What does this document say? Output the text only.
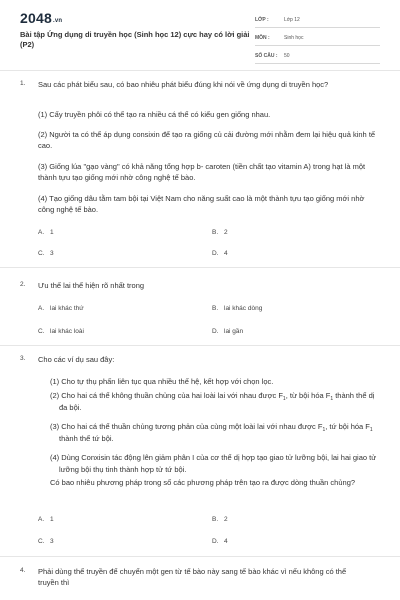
2048.vn
Bài tập Ứng dụng di truyền học (Sinh học 12) cực hay có lời giải (P2)
LỚP :	Lớp 12
MÔN :	Sinh học
SỐ CÂU : 50
1. Sau các phát biểu sau, có bao nhiêu phát biểu đúng khi nói về ứng dụng di truyền học?
(1) Cấy truyền phôi có thể tạo ra nhiều cá thể có kiểu gen giống nhau.
(2) Người ta có thể áp dụng consixin để tạo ra giống củ cải đường mới nhằm đem lại hiệu quả kinh tế cao.
(3) Giống lúa "gạo vàng" có khả năng tổng hợp b- caroten (tiền chất tạo vitamin A) trong hạt là một thành tựu tạo giống mới nhờ công nghệ tế bào.
(4) Tạo giống dâu tằm tam bội tại Việt Nam cho năng suất cao là một thành tựu tạo giống mới nhờ công nghệ tế bào.
A. 1	B. 2
C. 3	D. 4
2. Ưu thế lai thể hiện rõ nhất trong
A. lai khác thứ	B. lai khác dòng
C. lai khác loài	D. lai gần
3. Cho các ví dụ sau đây:
(1) Cho tự thụ phấn liên tục qua nhiều thế hệ, kết hợp với chọn lọc.
(2) Cho hai cá thể không thuần chủng của hai loài lai với nhau được $F_1$, từ bội hóa $F_1$ thành thể dị đa bội.
(3) Cho hai cá thể thuần chủng tương phản của cùng một loài lai với nhau được $F_1$, tứ bội hóa $F_1$ thành thể tứ bội.
(4) Dùng Conxisin tác động lên giảm phân I của cơ thể dị hợp tạo giao tử lưỡng bội, lai hai giao tử lưỡng bội thụ tinh thành hợp tử tứ bội.
Có bao nhiêu phương pháp trong số các phương pháp trên tạo ra được dòng thuần chủng?
A. 1	B. 2
C. 3	D. 4
4. Phải dùng thể truyền để chuyển một gen từ tế bào này sang tế bào khác vì nếu không có thể truyền thì
